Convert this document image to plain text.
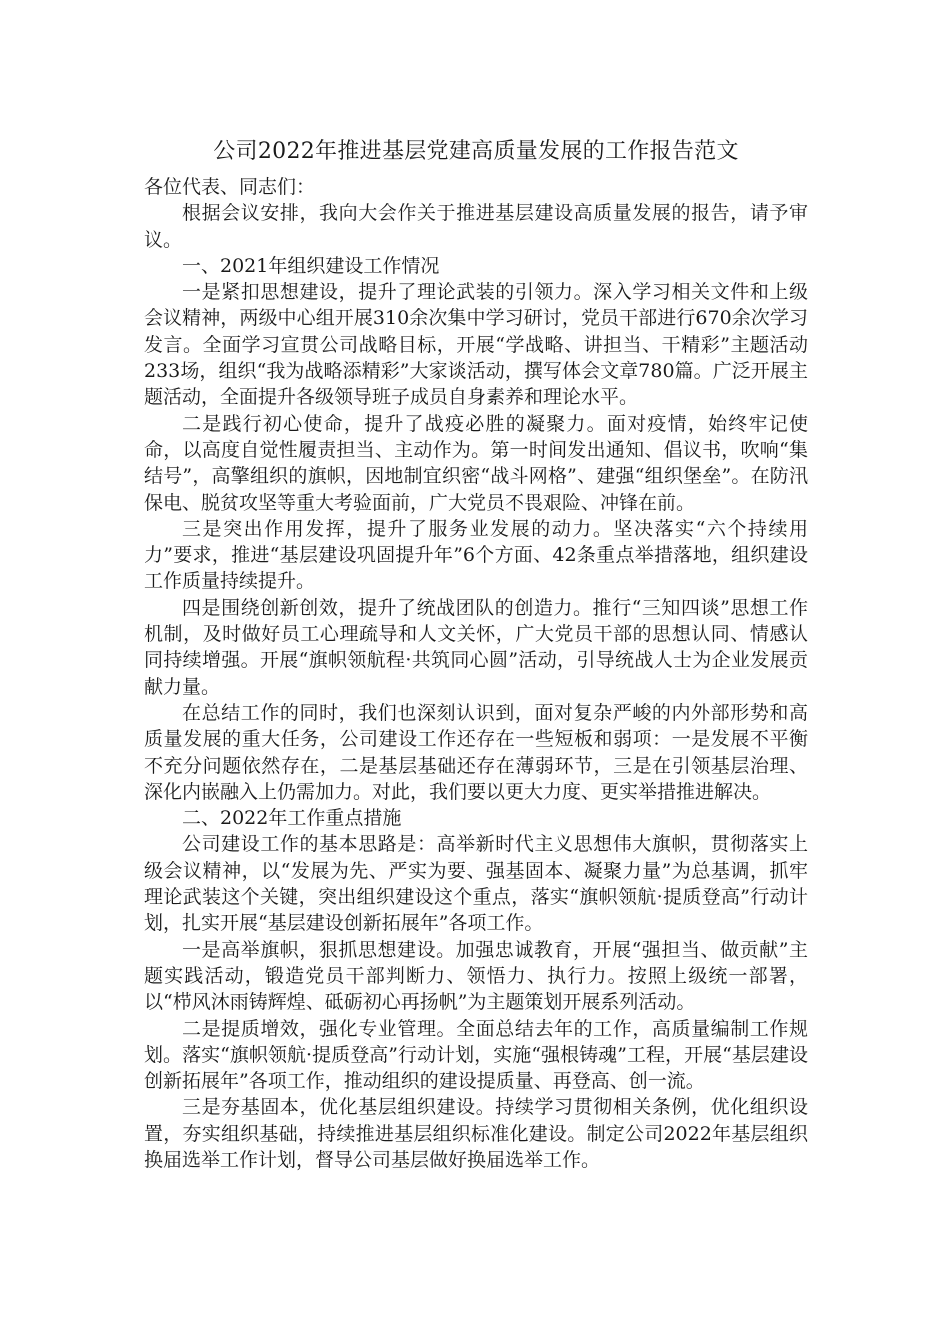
公司2022年推进基层党建高质量发展的工作报告范文

各位代表、同志们：

根据会议安排，我向大会作关于推进基层建设高质量发展的报告，请予审议。

一、2021年组织建设工作情况

一是紧扣思想建设，提升了理论武装的引领力。深入学习相关文件和上级会议精神，两级中心组开展310余次集中学习研讨，党员干部进行670余次学习发言。全面学习宣贯公司战略目标，开展“学战略、讲担当、干精彩”主题活动233场，组织“我为战略添精彩”大家谈活动，撰写体会文章780篇。广泛开展主题活动，全面提升各级领导班子成员自身素养和理论水平。

二是践行初心使命，提升了战疫必胜的凝聚力。面对疫情，始终牢记使命，以高度自觉性履责担当、主动作为。第一时间发出通知、倡议书，吹响“集结号”，高擎组织的旗帜，因地制宜织密“战斗网格”、建强“组织堡垒”。在防汛保电、脱贫攻坚等重大考验面前，广大党员不畏艰险、冲锋在前。

三是突出作用发挥，提升了服务业发展的动力。坚决落实“六个持续用力”要求，推进“基层建设巩固提升年”6个方面、42条重点举措落地，组织建设工作质量持续提升。

四是围绕创新创效，提升了统战团队的创造力。推行“三知四谈”思想工作机制，及时做好员工心理疏导和人文关怀，广大党员干部的思想认同、情感认同持续增强。开展“旗帜领航程·共筑同心圆”活动，引导统战人士为企业发展贡献力量。

在总结工作的同时，我们也深刻认识到，面对复杂严峻的内外部形势和高质量发展的重大任务，公司建设工作还存在一些短板和弱项：一是发展不平衡不充分问题依然存在，二是基层基础还存在薄弱环节，三是在引领基层治理、深化内嵌融入上仍需加力。对此，我们要以更大力度、更实举措推进解决。

二、2022年工作重点措施

公司建设工作的基本思路是：高举新时代主义思想伟大旗帜，贯彻落实上级会议精神，以“发展为先、严实为要、强基固本、凝聚力量”为总基调，抓牢理论武装这个关键，突出组织建设这个重点，落实“旗帜领航·提质登高”行动计划，扎实开展“基层建设创新拓展年”各项工作。

一是高举旗帜，狠抓思想建设。加强忠诚教育，开展“强担当、做贡献”主题实践活动，锻造党员干部判断力、领悟力、执行力。按照上级统一部署，以“栉风沐雨铸辉煌、砥砺初心再扬帆”为主题策划开展系列活动。

二是提质增效，强化专业管理。全面总结去年的工作，高质量编制工作规划。落实“旗帜领航·提质登高”行动计划，实施“强根铸魂”工程，开展“基层建设创新拓展年”各项工作，推动组织的建设提质量、再登高、创一流。

三是夯基固本，优化基层组织建设。持续学习贯彻相关条例，优化组织设置，夯实组织基础，持续推进基层组织标准化建设。制定公司2022年基层组织换届选举工作计划，督导公司基层做好换届选举工作。
